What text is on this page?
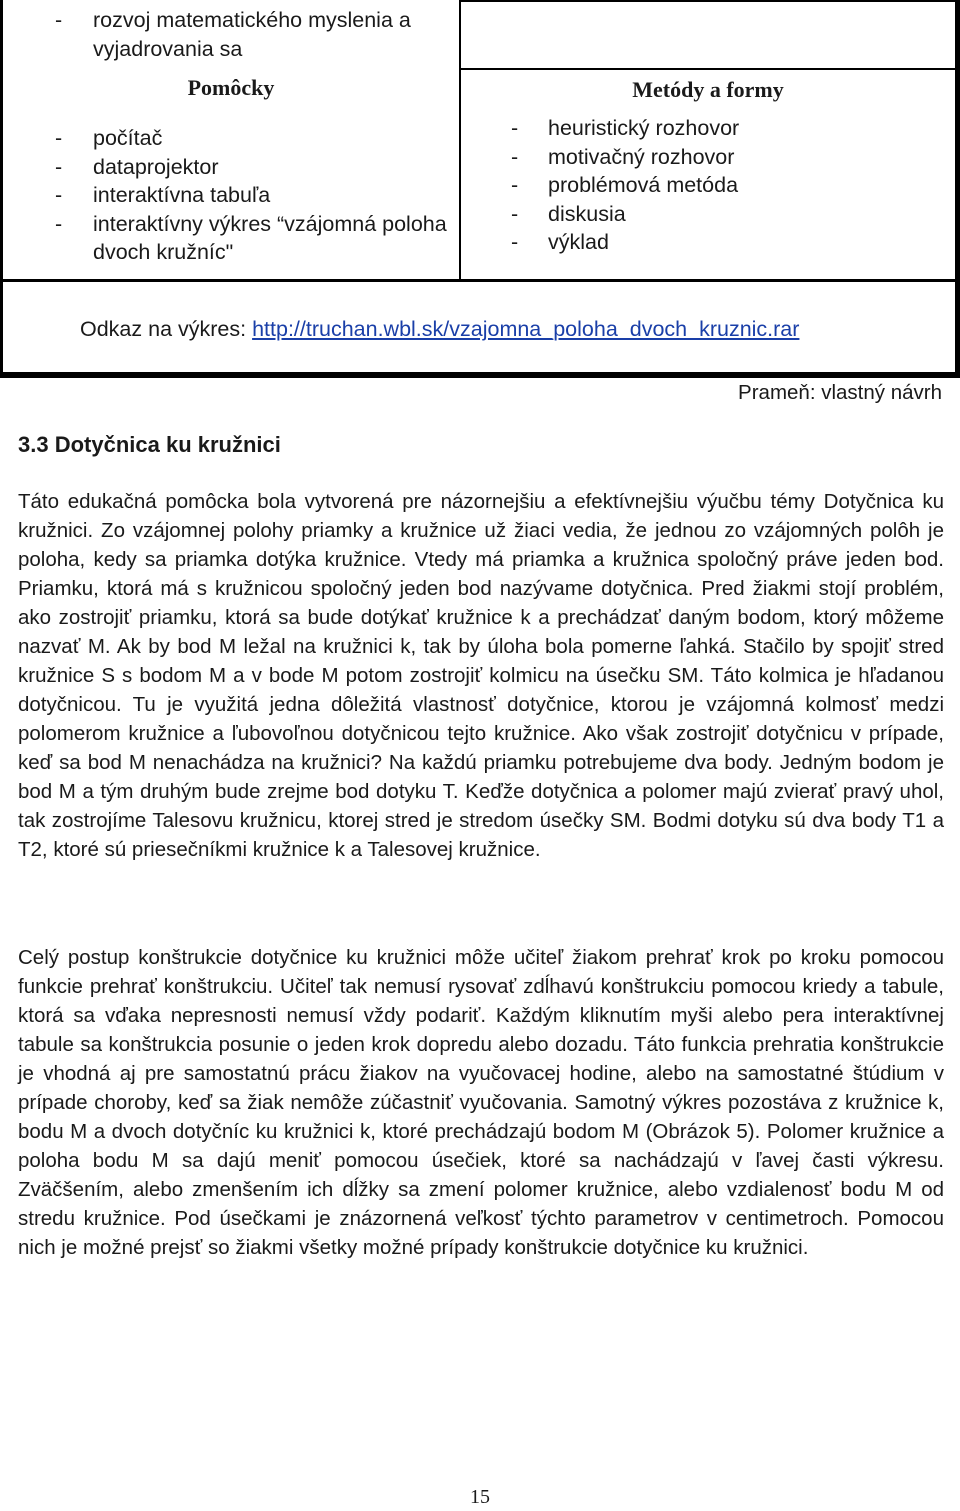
- rozvoj matematického myslenia a vyjadrovania sa
Pomôcky
- počítač
- dataprojektor
- interaktívna tabuľa
- interaktívny výkres “vzájomná poloha dvoch kružníc"
Metódy a formy
- heuristický rozhovor
- motivačný rozhovor
- problémová metóda
- diskusia
- výklad
Odkaz na výkres: http://truchan.wbl.sk/vzajomna_poloha_dvoch_kruznic.rar
Prameň: vlastný návrh
3.3 Dotyčnica ku kružnici

Táto edukačná pomôcka bola vytvorená pre názornejšiu a efektívnejšiu výučbu témy Dotyčnica ku kružnici. Zo vzájomnej polohy priamky a kružnice už žiaci vedia, že jednou zo vzájomných polôh je poloha, kedy sa priamka dotýka kružnice. Vtedy má priamka a kružnica spoločný práve jeden bod. Priamku, ktorá má s kružnicou spoločný jeden bod nazývame dotyčnica. Pred žiakmi stojí problém, ako zostrojiť priamku, ktorá sa bude dotýkať kružnice k a prechádzať daným bodom, ktorý môžeme nazvať M. Ak by bod M ležal na kružnici k, tak by úloha bola pomerne ľahká. Stačilo by spojiť stred kružnice S s bodom M a v bode M potom zostrojiť kolmicu na úsečku SM. Táto kolmica je hľadanou dotyčnicou. Tu je využitá jedna dôležitá vlastnosť dotyčnice, ktorou je vzájomná kolmosť medzi polomerom kružnice a ľubovoľnou dotyčnicou tejto kružnice. Ako však zostrojiť dotyčnicu v prípade, keď sa bod M nenachádza na kružnici? Na každú priamku potrebujeme dva body. Jedným bodom je bod M a tým druhým bude zrejme bod dotyku T. Keďže dotyčnica a polomer majú zvierať pravý uhol, tak zostrojíme Talesovu kružnicu, ktorej stred je stredom úsečky SM. Bodmi dotyku sú dva body T1 a T2, ktoré sú priesečníkmi kružnice k a Talesovej kružnice.

Celý postup konštrukcie dotyčnice ku kružnici môže učiteľ žiakom prehrať krok po kroku pomocou funkcie prehrať konštrukciu. Učiteľ tak nemusí rysovať zdĺhavú konštrukciu pomocou kriedy a tabule, ktorá sa vďaka nepresnosti nemusí vždy podariť. Každým kliknutím myši alebo pera interaktívnej tabule sa konštrukcia posunie o jeden krok dopredu alebo dozadu. Táto funkcia prehratia konštrukcie je vhodná aj pre samostatnú prácu žiakov na vyučovacej hodine, alebo na samostatné štúdium v prípade choroby, keď sa žiak nemôže zúčastniť vyučovania. Samotný výkres pozostáva z kružnice k, bodu M a dvoch dotyčníc ku kružnici k, ktoré prechádzajú bodom M (Obrázok 5). Polomer kružnice a poloha bodu M sa dajú meniť pomocou úsečiek, ktoré sa nachádzajú v ľavej časti výkresu. Zväčšením, alebo zmenšením ich dĺžky sa zmení polomer kružnice, alebo vzdialenosť bodu M od stredu kružnice. Pod úsečkami je znázornená veľkosť týchto parametrov v centimetroch. Pomocou nich je možné prejsť so žiakmi všetky možné prípady konštrukcie dotyčnice ku kružnici.

15
